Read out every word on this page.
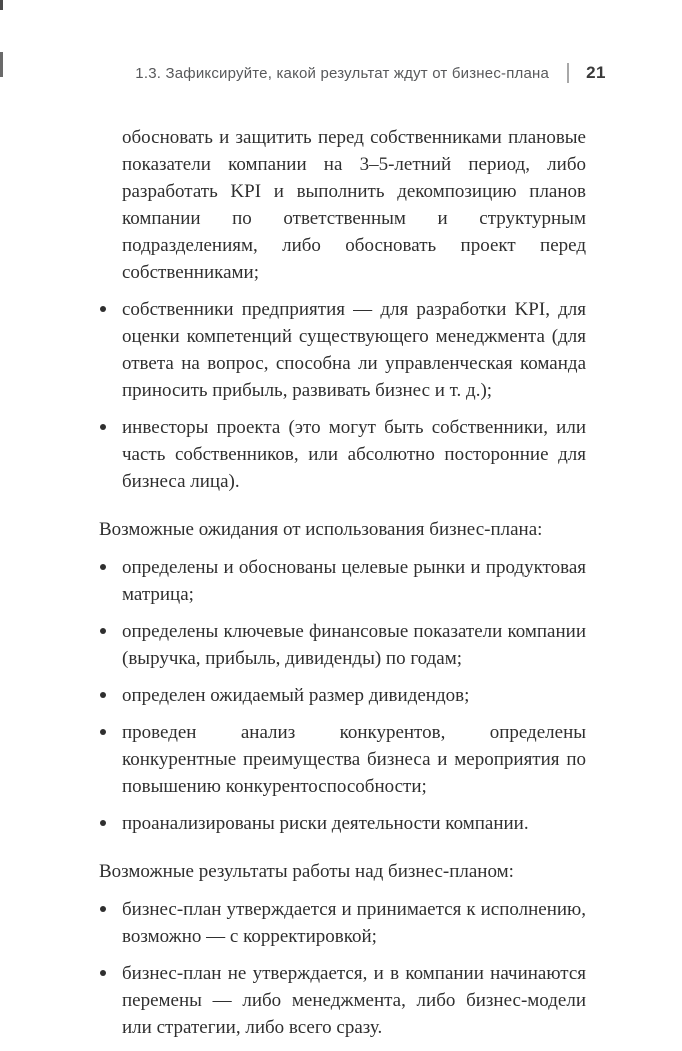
1.3. Зафиксируйте, какой результат ждут от бизнес-плана 21

обосновать и защитить перед собственниками плановые показатели компании на 3–5-летний период, либо разработать KPI и выполнить декомпозицию планов компании по ответственным и структурным подразделениям, либо обосновать проект перед собственниками;

собственники предприятия — для разработки KPI, для оценки компетенций существующего менеджмента (для ответа на вопрос, способна ли управленческая команда приносить прибыль, развивать бизнес и т. д.);

инвесторы проекта (это могут быть собственники, или часть собственников, или абсолютно посторонние для бизнеса лица).

Возможные ожидания от использования бизнес-плана:

определены и обоснованы целевые рынки и продуктовая матрица;

определены ключевые финансовые показатели компании (выручка, прибыль, дивиденды) по годам;

определен ожидаемый размер дивидендов;

проведен анализ конкурентов, определены конкурентные преимущества бизнеса и мероприятия по повышению конкурентоспособности;

проанализированы риски деятельности компании.

Возможные результаты работы над бизнес-планом:

бизнес-план утверждается и принимается к исполнению, возможно — с корректировкой;

бизнес-план не утверждается, и в компании начинаются перемены — либо менеджмента, либо бизнес-модели или стратегии, либо всего сразу.
